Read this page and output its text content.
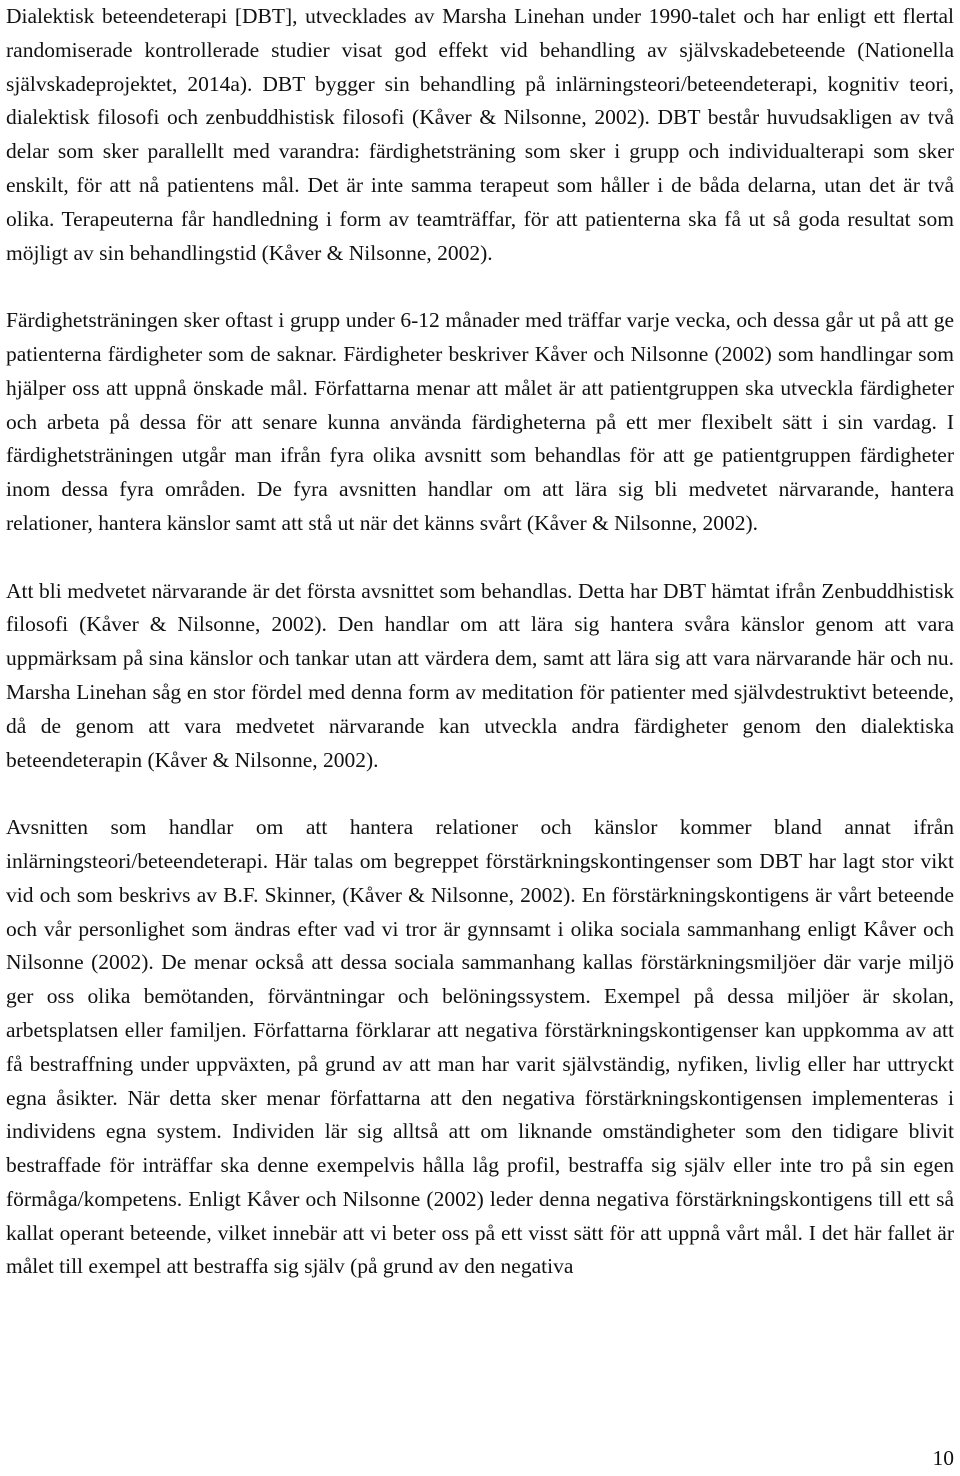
Dialektisk beteendeterapi [DBT], utvecklades av Marsha Linehan under 1990-talet och har enligt ett flertal randomiserade kontrollerade studier visat god effekt vid behandling av självskadebeteende (Nationella självskadeprojektet, 2014a). DBT bygger sin behandling på inlärningsteori/beteendeterapi, kognitiv teori, dialektisk filosofi och zenbuddhistisk filosofi (Kåver & Nilsonne, 2002). DBT består huvudsakligen av två delar som sker parallellt med varandra: färdighetsträning som sker i grupp och individualterapi som sker enskilt, för att nå patientens mål. Det är inte samma terapeut som håller i de båda delarna, utan det är två olika. Terapeuterna får handledning i form av teamträffar, för att patienterna ska få ut så goda resultat som möjligt av sin behandlingstid (Kåver & Nilsonne, 2002).

Färdighetsträningen sker oftast i grupp under 6-12 månader med träffar varje vecka, och dessa går ut på att ge patienterna färdigheter som de saknar. Färdigheter beskriver Kåver och Nilsonne (2002) som handlingar som hjälper oss att uppnå önskade mål. Författarna menar att målet är att patientgruppen ska utveckla färdigheter och arbeta på dessa för att senare kunna använda färdigheterna på ett mer flexibelt sätt i sin vardag. I färdighetsträningen utgår man ifrån fyra olika avsnitt som behandlas för att ge patientgruppen färdigheter inom dessa fyra områden. De fyra avsnitten handlar om att lära sig bli medvetet närvarande, hantera relationer, hantera känslor samt att stå ut när det känns svårt (Kåver & Nilsonne, 2002).

Att bli medvetet närvarande är det första avsnittet som behandlas. Detta har DBT hämtat ifrån Zenbuddhistisk filosofi (Kåver & Nilsonne, 2002). Den handlar om att lära sig hantera svåra känslor genom att vara uppmärksam på sina känslor och tankar utan att värdera dem, samt att lära sig att vara närvarande här och nu. Marsha Linehan såg en stor fördel med denna form av meditation för patienter med självdestruktivt beteende, då de genom att vara medvetet närvarande kan utveckla andra färdigheter genom den dialektiska beteendeterapin (Kåver & Nilsonne, 2002).

Avsnitten som handlar om att hantera relationer och känslor kommer bland annat ifrån inlärningsteori/beteendeterapi. Här talas om begreppet förstärkningskontingenser som DBT har lagt stor vikt vid och som beskrivs av B.F. Skinner, (Kåver & Nilsonne, 2002). En förstärkningskontigens är vårt beteende och vår personlighet som ändras efter vad vi tror är gynnsamt i olika sociala sammanhang enligt Kåver och Nilsonne (2002). De menar också att dessa sociala sammanhang kallas förstärkningsmiljöer där varje miljö ger oss olika bemötanden, förväntningar och belöningssystem. Exempel på dessa miljöer är skolan, arbetsplatsen eller familjen. Författarna förklarar att negativa förstärkningskontigenser kan uppkomma av att få bestraffning under uppväxten, på grund av att man har varit självständig, nyfiken, livlig eller har uttryckt egna åsikter. När detta sker menar författarna att den negativa förstärkningskontigensen implementeras i individens egna system. Individen lär sig alltså att om liknande omständigheter som den tidigare blivit bestraffade för inträffar ska denne exempelvis hålla låg profil, bestraffa sig själv eller inte tro på sin egen förmåga/kompetens. Enligt Kåver och Nilsonne (2002) leder denna negativa förstärkningskontigens till ett så kallat operant beteende, vilket innebär att vi beter oss på ett visst sätt för att uppnå vårt mål. I det här fallet är målet till exempel att bestraffa sig själv (på grund av den negativa

10
